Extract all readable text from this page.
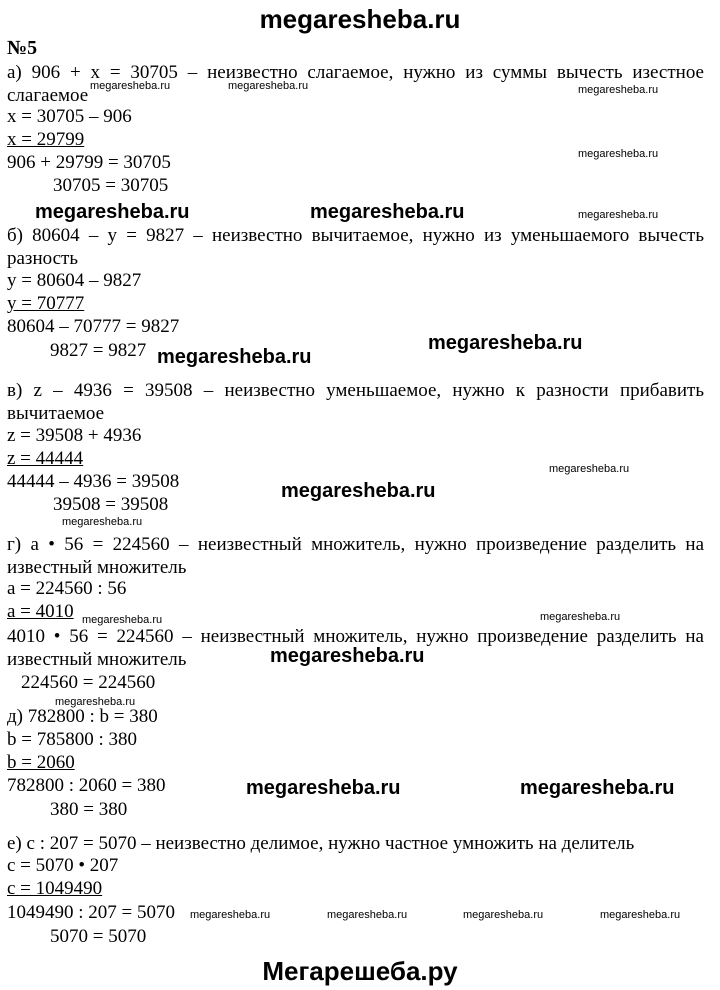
megaresheba.ru
№5
а) 906 + x = 30705 – неизвестно слагаемое, нужно из суммы вычесть изестное слагаемое
x = 30705 – 906
x = 29799
906 + 29799 = 30705
30705 = 30705
б) 80604 – y = 9827 – неизвестно вычитаемое, нужно из уменьшаемого вычесть разность
y = 80604 – 9827
y = 70777
80604 – 70777 = 9827
9827 = 9827
в) z – 4936 = 39508 – неизвестно уменьшаемое, нужно к разности прибавить вычитаемое
z = 39508 + 4936
z = 44444
44444 – 4936 = 39508
39508 = 39508
г) a • 56 = 224560 – неизвестный множитель, нужно произведение разделить на известный множитель
a = 224560 : 56
a = 4010
4010 • 56 = 224560 – неизвестный множитель, нужно произведение разделить на известный множитель
224560 = 224560
д) 782800 : b = 380
b = 785800 : 380
b = 2060
782800 : 2060 = 380
380 = 380
е) c : 207 = 5070 – неизвестно делимое, нужно частное умножить на делитель
c = 5070 • 207
c = 1049490
1049490 : 207 = 5070
5070 = 5070
megaresheba.ru	megaresheba.ru
megaresheba.ru
megaresheba.ru
megaresheba.ru
megaresheba.ru
megaresheba.ru	megaresheba.ru
megaresheba.ru	megaresheba.ru	megaresheba.ru
megaresheba.ru
megaresheba.ru
megaresheba.ru
megaresheba.ru
megaresheba.ru
megaresheba.ru
megaresheba.ru
megaresheba.ru	megaresheba.ru	megaresheba.ru	megaresheba.ru
Мегарешеба.ру
